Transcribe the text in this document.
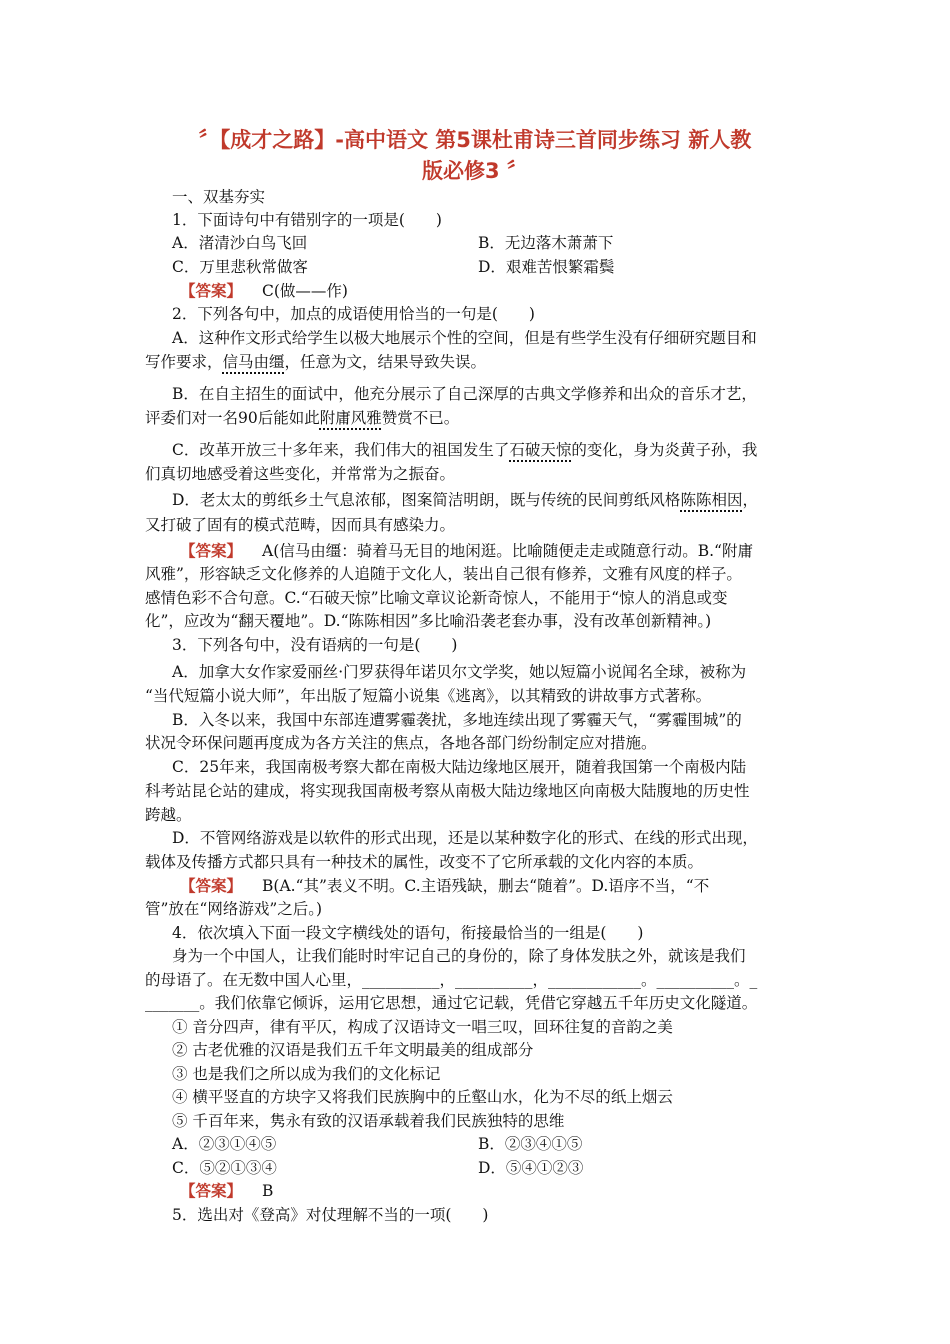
〞【成才之路】-高中语文 第5课杜甫诗三首同步练习 新人教
版必修3 〞
一、双基夯实
1．下面诗句中有错别字的一项是(　　)
A．渚清沙白鸟飞回	B．无边落木萧萧下
C．万里悲秋常做客	D．艰难苦恨繁霜鬓
【答案】 C(做——作)
2．下列各句中，加点的成语使用恰当的一句是(　　)
A．这种作文形式给学生以极大地展示个性的空间，但是有些学生没有仔细研究题目和
写作要求，信马由缰，任意为文，结果导致失误。
B．在自主招生的面试中，他充分展示了自己深厚的古典文学修养和出众的音乐才艺，
评委们对一名90后能如此附庸风雅赞赏不已。
C．改革开放三十多年来，我们伟大的祖国发生了石破天惊的变化，身为炎黄子孙，我
们真切地感受着这些变化，并常常为之振奋。
D．老太太的剪纸乡土气息浓郁，图案简洁明朗，既与传统的民间剪纸风格陈陈相因，
又打破了固有的模式范畴，因而具有感染力。
【答案】 A(信马由缰：骑着马无目的地闲逛。比喻随便走走或随意行动。B.“附庸
风雅”，形容缺乏文化修养的人追随于文化人，装出自己很有修养，文雅有风度的样子。
感情色彩不合句意。C.“石破天惊”比喻文章议论新奇惊人，不能用于“惊人的消息或变
化”，应改为“翻天覆地”。D.“陈陈相因”多比喻沿袭老套办事，没有改革创新精神。)
3．下列各句中，没有语病的一句是(　　)
A．加拿大女作家爱丽丝·门罗获得年诺贝尔文学奖，她以短篇小说闻名全球，被称为
“当代短篇小说大师”，年出版了短篇小说集《逃离》，以其精致的讲故事方式著称。
B．入冬以来，我国中东部连遭雾霾袭扰，多地连续出现了雾霾天气，“雾霾围城”的
状况令环保问题再度成为各方关注的焦点，各地各部门纷纷制定应对措施。
C．25年来，我国南极考察大都在南极大陆边缘地区展开，随着我国第一个南极内陆
科考站昆仑站的建成，将实现我国南极考察从南极大陆边缘地区向南极大陆腹地的历史性
跨越。
D．不管网络游戏是以软件的形式出现，还是以某种数字化的形式、在线的形式出现，
载体及传播方式都只具有一种技术的属性，改变不了它所承载的文化内容的本质。
【答案】 B(A.“其”表义不明。C.主语残缺，删去“随着”。D.语序不当，“不
管”放在“网络游戏”之后。)
4．依次填入下面一段文字横线处的语句，衔接最恰当的一组是(　　)
身为一个中国人，让我们能时时牢记自己的身份的，除了身体发肤之外，就该是我们
的母语了。在无数中国人心里，__________，__________，____________。__________。_
_______。我们依靠它倾诉，运用它思想，通过它记载，凭借它穿越五千年历史文化隧道。
① 音分四声，律有平仄，构成了汉语诗文一唱三叹，回环往复的音韵之美
② 古老优雅的汉语是我们五千年文明最美的组成部分
③ 也是我们之所以成为我们的文化标记
④ 横平竖直的方块字又将我们民族胸中的丘壑山水，化为不尽的纸上烟云
⑤ 千百年来，隽永有致的汉语承载着我们民族独特的思维
A．②③①④⑤	B．②③④①⑤
C．⑤②①③④	D．⑤④①②③
【答案】 B
5．选出对《登高》对仗理解不当的一项(　　)
